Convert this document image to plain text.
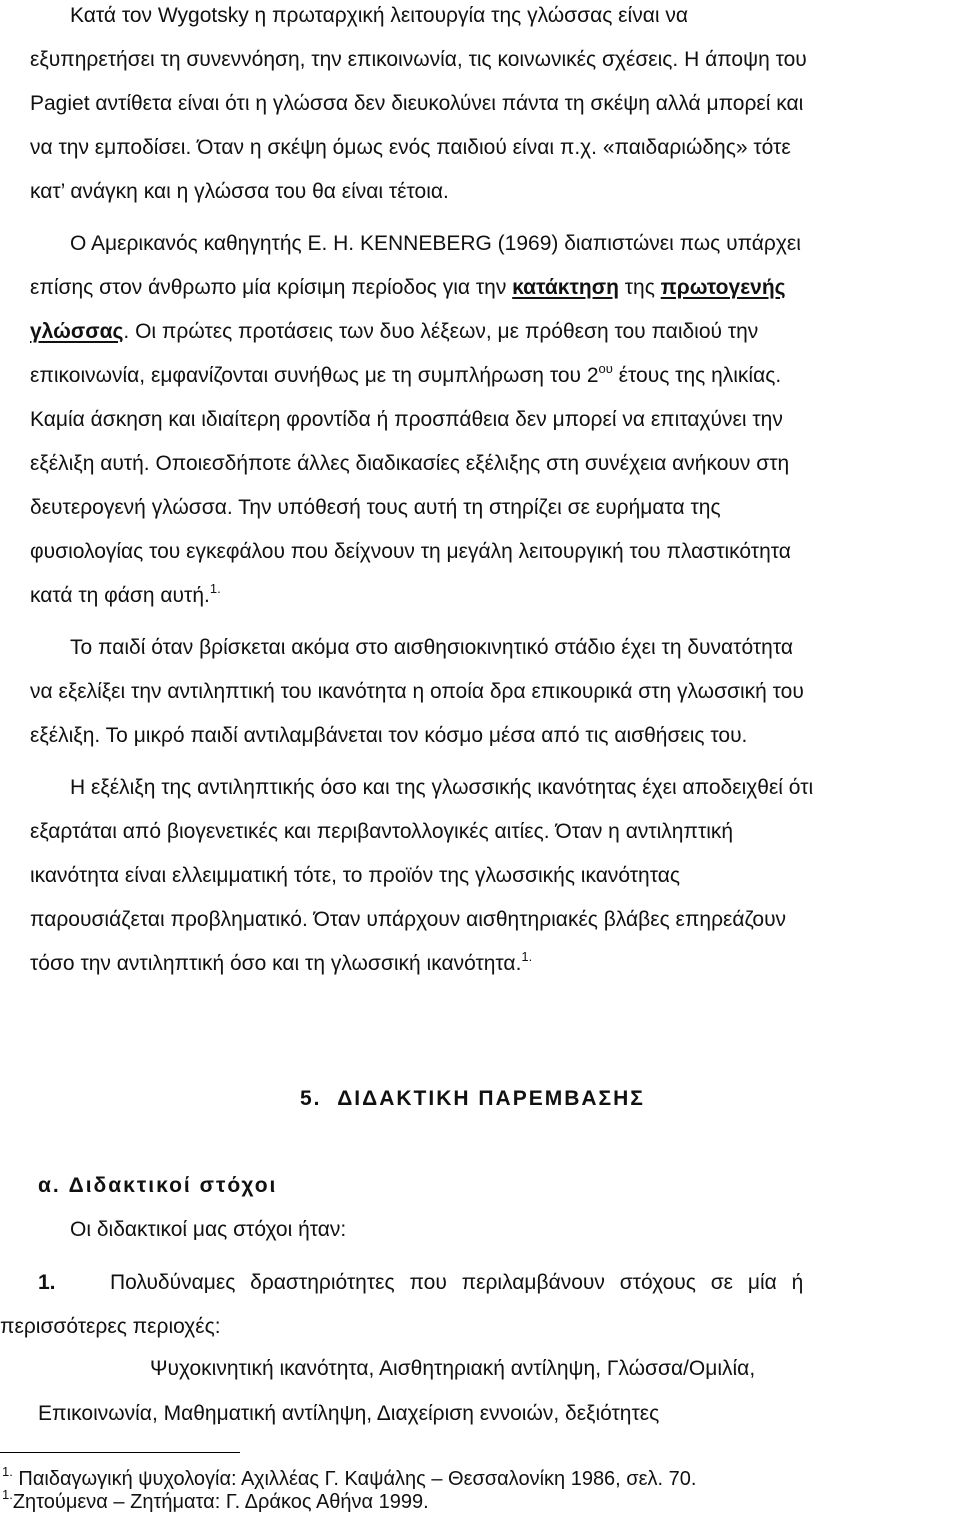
Κατά τον Wygotsky η πρωταρχική λειτουργία της γλώσσας είναι να
εξυπηρετήσει τη συνεννόηση, την επικοινωνία, τις κοινωνικές σχέσεις. Η άποψη του
Pagiet αντίθετα είναι ότι η γλώσσα δεν διευκολύνει πάντα τη σκέψη αλλά μπορεί και
να την εμποδίσει. Όταν η σκέψη όμως ενός παιδιού είναι π.χ. «παιδαριώδης» τότε
κατ’ ανάγκη και η γλώσσα του θα είναι τέτοια.
Ο Αμερικανός καθηγητής Ε. Η. KENNEBERG (1969) διαπιστώνει πως υπάρχει
επίσης στον άνθρωπο μία κρίσιμη περίοδος για την κατάκτηση της πρωτογενής
γλώσσας. Οι πρώτες προτάσεις των δυο λέξεων, με πρόθεση του παιδιού την
επικοινωνία, εμφανίζονται συνήθως με τη συμπλήρωση του $2^{o\upsilon}$ έτους της ηλικίας.
Καμία άσκηση και ιδιαίτερη φροντίδα ή προσπάθεια δεν μπορεί να επιταχύνει την
εξέλιξη αυτή. Οποιεσδήποτε άλλες διαδικασίες εξέλιξης στη συνέχεια ανήκουν στη
δευτερογενή γλώσσα. Την υπόθεσή τους αυτή τη στηρίζει σε ευρήματα της
φυσιολογίας του εγκεφάλου που δείχνουν τη μεγάλη λειτουργική του πλαστικότητα
κατά τη φάση αυτή.$^{1.}$
Το παιδί όταν βρίσκεται ακόμα στο αισθησιοκινητικό στάδιο έχει τη δυνατότητα
να εξελίξει την αντιληπτική του ικανότητα η οποία δρα επικουρικά στη γλωσσική του
εξέλιξη. Το μικρό παιδί αντιλαμβάνεται τον κόσμο μέσα από τις αισθήσεις του.
Η εξέλιξη της αντιληπτικής όσο και της γλωσσικής ικανότητας έχει αποδειχθεί ότι
εξαρτάται από βιογενετικές και περιβαντολλογικές αιτίες. Όταν η αντιληπτική
ικανότητα είναι ελλειμματική τότε, το προϊόν της γλωσσικής ικανότητας
παρουσιάζεται προβληματικό. Όταν υπάρχουν αισθητηριακές βλάβες επηρεάζουν
τόσο την αντιληπτική όσο και τη γλωσσική ικανότητα.$^{1.}$
5. ΔΙΔΑΚΤΙΚΗ ΠΑΡΕΜΒΑΣΗΣ
α. Διδακτικοί στόχοι
Οι διδακτικοί μας στόχοι ήταν:
1.	Πολυδύναμες δραστηριότητες που περιλαμβάνουν στόχους σε μία ή
περισσότερες περιοχές:
Ψυχοκινητική ικανότητα, Αισθητηριακή αντίληψη, Γλώσσα/Ομιλία,
Επικοινωνία, Μαθηματική αντίληψη, Διαχείριση εννοιών, δεξιότητες
$^{1.}$ Παιδαγωγική ψυχολογία: Αχιλλέας Γ. Καψάλης – Θεσσαλονίκη 1986, σελ. 70.
$^{1.}$Ζητούμενα – Ζητήματα: Γ. Δράκος Αθήνα 1999.
